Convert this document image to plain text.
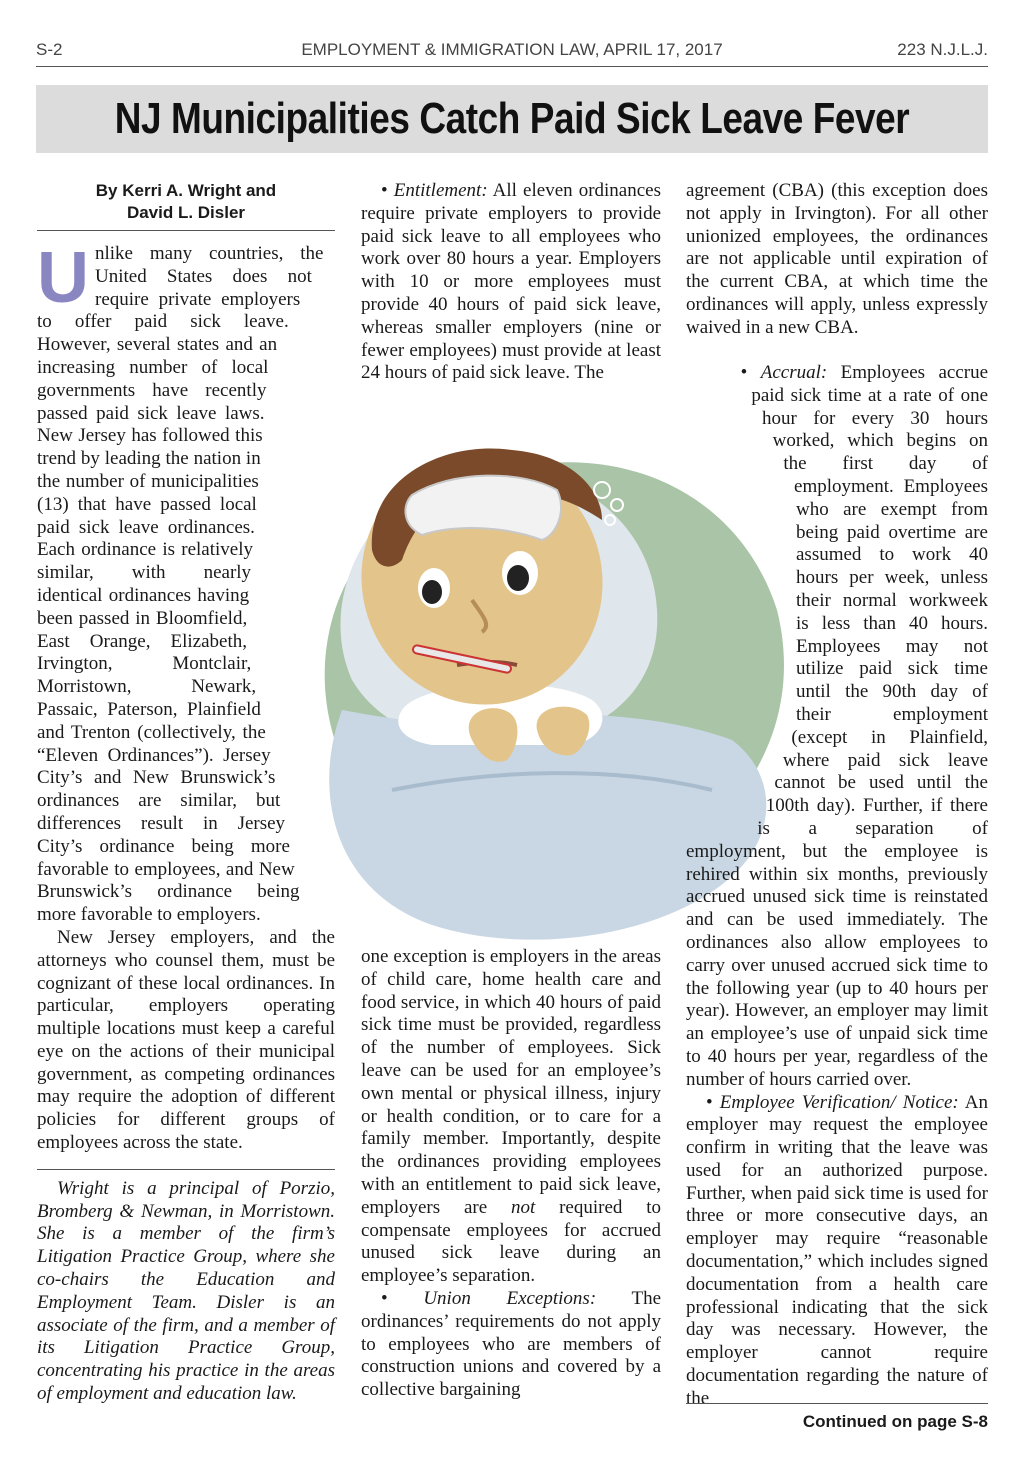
S-2	EMPLOYMENT & IMMIGRATION LAW, APRIL 17, 2017	223 N.J.L.J.
NJ Municipalities Catch Paid Sick Leave Fever
By Kerri A. Wright and
David L. Disler

Unlike many countries, the United States does not require private employers to offer paid sick leave. However, several states and an increasing number of local governments have recently passed paid sick leave laws. New Jersey has followed this trend by leading the nation in the number of municipalities (13) that have passed local paid sick leave ordinances. Each ordinance is relatively similar, with nearly identical ordinances having been passed in Bloomfield, East Orange, Elizabeth, Irvington, Montclair, Morristown, Newark, Passaic, Paterson, Plainfield and Trenton (collectively, the “Eleven Ordinances”). Jersey City’s and New Brunswick’s ordinances are similar, but differences result in Jersey City’s ordinance being more favorable to employees, and New Brunswick’s ordinance being more favorable to employers.

New Jersey employers, and the attorneys who counsel them, must be cognizant of these local ordinances. In particular, employers operating multiple locations must keep a careful eye on the actions of their municipal government, as competing ordinances may require the adoption of different policies for different groups of employees across the state.

Wright is a principal of Porzio, Bromberg & Newman, in Morristown. She is a member of the firm’s Litigation Practice Group, where she co-chairs the Education and Employment Team. Disler is an associate of the firm, and a member of its Litigation Practice Group, concentrating his practice in the areas of employment and education law.

• Entitlement: All eleven ordinances require private employers to provide paid sick leave to all employees who work over 80 hours a year. Employers with 10 or more employees must provide 40 hours of paid sick leave, whereas smaller employers (nine or fewer employees) must provide at least 24 hours of paid sick leave. The

one exception is employers in the areas of child care, home health care and food service, in which 40 hours of paid sick time must be provided, regardless of the number of employees. Sick leave can be used for an employee’s own mental or physical illness, injury or health condition, or to care for a family member. Importantly, despite the ordinances providing employees with an entitlement to paid sick leave, employers are not required to compensate employees for accrued unused sick leave during an employee’s separation.

• Union Exceptions: The ordinances’ requirements do not apply to employees who are members of construction unions and covered by a collective bargaining

agreement (CBA) (this exception does not apply in Irvington). For all other unionized employees, the ordinances are not applicable until expiration of the current CBA, at which time the ordinances will apply, unless expressly waived in a new CBA.

• Accrual: Employees accrue paid sick time at a rate of one hour for every 30 hours worked, which begins on the first day of employment. Employees who are exempt from being paid overtime are assumed to work 40 hours per week, unless their normal workweek is less than 40 hours. Employees may not utilize paid sick time until the 90th day of their employment (except in Plainfield, where paid sick leave cannot be used until the 100th day). Further, if there is a separation of employment, but the employee is rehired within six months, previously accrued unused sick time is reinstated and can be used immediately. The ordinances also allow employees to carry over unused accrued sick time to the following year (up to 40 hours per year). However, an employer may limit an employee’s use of unpaid sick time to 40 hours per year, regardless of the number of hours carried over.

• Employee Verification/ Notice: An employer may request the employee confirm in writing that the leave was used for an authorized purpose. Further, when paid sick time is used for three or more consecutive days, an employer may require “reasonable documentation,” which includes signed documentation from a health care professional indicating that the sick day was necessary. However, the employer cannot require documentation regarding the nature of the

Continued on page S-8
